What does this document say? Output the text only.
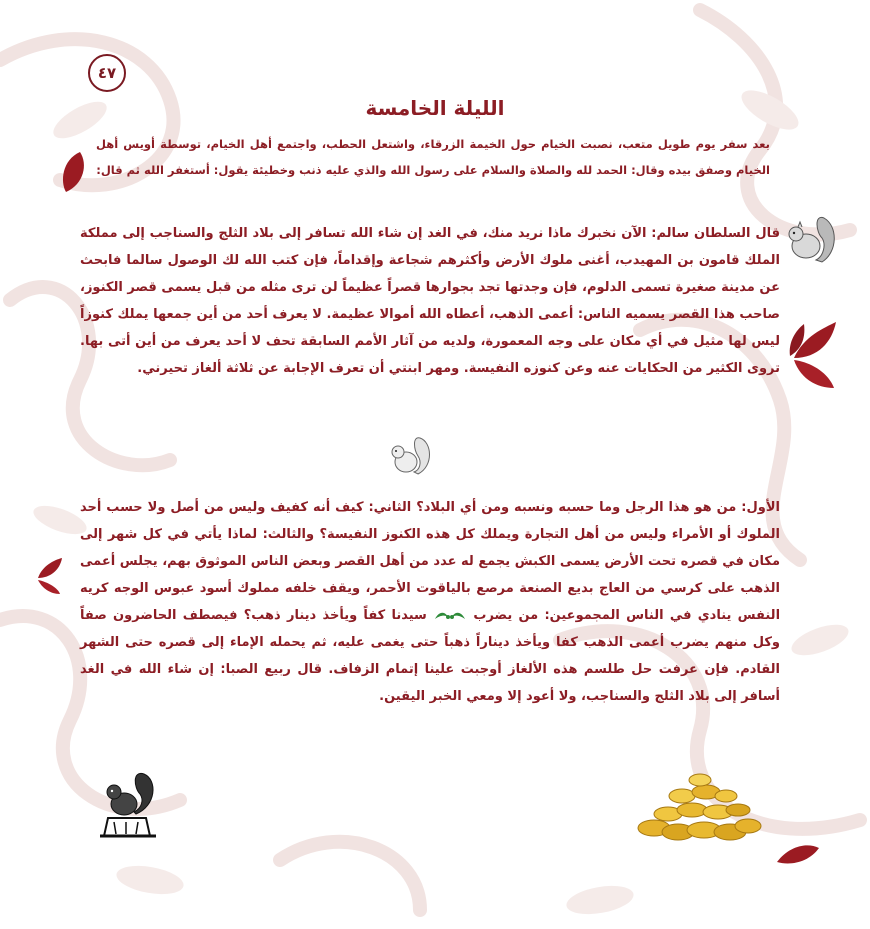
٤٧
الليلة الخامسة
بعد سفر يوم طويل متعب، نصبت الخيام حول الخيمة الزرقاء، واشتعل الحطب، واجتمع أهل الخيام، توسطة أويس أهل الخيام وصفق بيده وقال: الحمد لله والصلاة والسلام على رسول الله والذي عليه ذنب وخطيئة يقول: أستغفر الله ثم قال:
قال السلطان سالم: الآن نخبرك ماذا نريد منك، في الغد إن شاء الله تسافر إلى بلاد الثلج والسناجب إلى مملكة الملك قامون بن المهيدب، أغنى ملوك الأرض وأكثرهم شجاعة وإقداماً، فإن كتب الله لك الوصول سالما فابحث عن مدينة صغيرة تسمى الدلوم، فإن وجدتها تجد بجوارها قصراً عظيماً لن ترى مثله من قبل يسمى قصر الكنوز، صاحب هذا القصر يسميه الناس: أعمى الذهب، أعطاه الله أموالا عظيمة. لا يعرف أحد من أين جمعها يملك كنوزاً ليس لها مثيل في أي مكان على وجه المعمورة، ولديه من آثار الأمم السابقة تحف لا أحد يعرف من أين أتى بها. تروى الكثير من الحكايات عنه وعن كنوزه النفيسة. ومهر ابنتي أن تعرف الإجابة عن ثلاثة ألغاز تحيرني.
الأول: من هو هذا الرجل وما حسبه ونسبه ومن أي البلاد؟ الثاني: كيف أنه كفيف وليس من أصل ولا حسب أحد الملوك أو الأمراء وليس من أهل التجارة ويملك كل هذه الكنوز النفيسة؟ والثالث: لماذا يأتي في كل شهر إلى مكان في قصره تحت الأرض يسمى الكبش يجمع له عدد من أهل القصر وبعض الناس الموثوق بهم، يجلس أعمى الذهب على كرسي من العاج بديع الصنعة مرصع بالياقوت الأحمر، ويقف خلفه مملوك أسود عبوس الوجه كريه النفس ينادي في الناس المجموعين: من يضرب  سيدنا كفاً ويأخذ دينار ذهب؟ فيصطف الحاضرون صفاً وكل منهم يضرب أعمى الذهب كفا ويأخذ ديناراً ذهباً حتى يغمى عليه، ثم يحمله الإماء إلى قصره حتى الشهر القادم. فإن عرفت حل طلسم هذه الألغاز أوجبت علينا إتمام الزفاف. قال ربيع الصبا: إن شاء الله في الغد أسافر إلى بلاد الثلج والسناجب، ولا أعود إلا ومعي الخبر اليقين.
